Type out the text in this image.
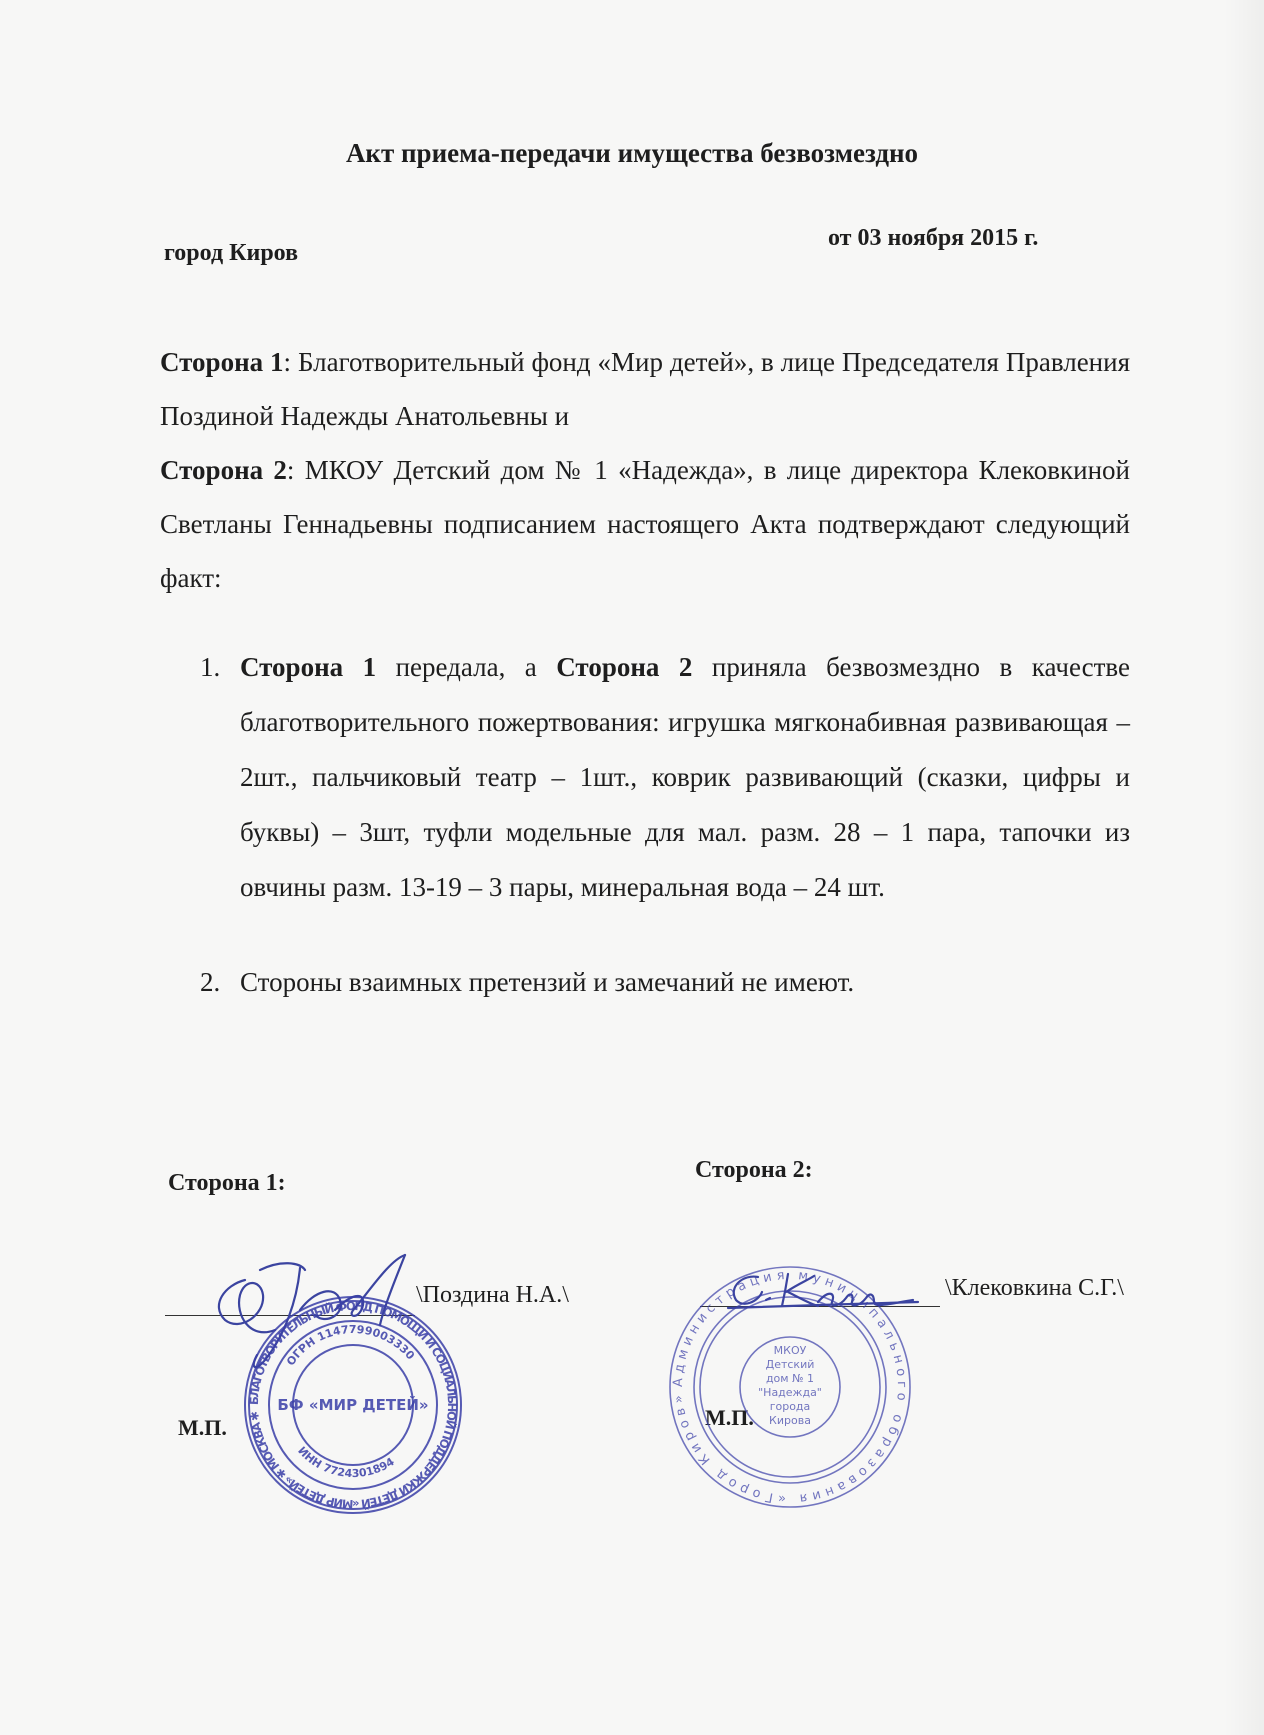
Акт приема-передачи имущества безвозмездно
город Киров
от 03 ноября 2015 г.

Сторона 1: Благотворительный фонд «Мир детей», в лице Председателя Правления Поздиной Надежды Анатольевны и

Сторона 2: МКОУ Детский дом № 1 «Надежда», в лице директора Клековкиной Светланы Геннадьевны подписанием настоящего Акта подтверждают следующий факт:

1. Сторона 1 передала, а Сторона 2 приняла безвозмездно в качестве благотворительного пожертвования: игрушка мягконабивная развивающая – 2шт., пальчиковый театр – 1шт., коврик развивающий (сказки, цифры и буквы) – 3шт, туфли модельные для мал. разм. 28 – 1 пара, тапочки из овчины разм. 13-19 – 3 пары, минеральная вода – 24 шт.
2. Стороны взаимных претензий и замечаний не имеют.
Сторона 1:
\Поздина Н.А.\
М.П.
Сторона 2:
\Клековкина С.Г.\
М.П.
БЛАГОТВОРИТЕЛЬНЫЙ ФОНД ПОМОЩИ И СОЦИАЛЬНОЙ ПОДДЕРЖКИ ДЕТЕЙ «МИР ДЕТЕЙ» ✱ МОСКВА ✱
ОГРН 1147799003330
ИНН 7724301894
БФ «МИР ДЕТЕЙ»
Администрация муниципального образования «Город Киров»
МКОУ
Детский
дом № 1
"Надежда"
города
Кирова
